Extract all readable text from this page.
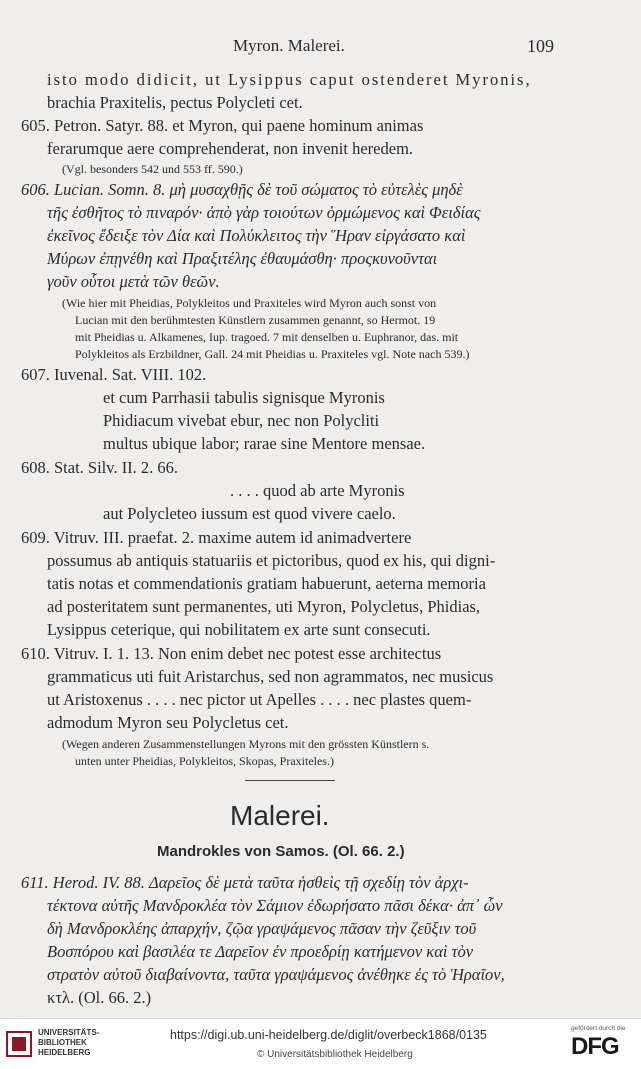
Myron. Malerei.	109
isto modo didicit, ut Lysippus caput ostenderet Myronis,
brachia Praxitelis, pectus Polycleti cet.
605. Petron. Satyr. 88. et Myron, qui paene hominum animas
ferarumque aere comprehenderat, non invenit heredem.
(Vgl. besonders 542 und 553 ff. 590.)
606. Lucian. Somn. 8. μὴ μυσαχθῇς δὲ τοῦ σώματος τὸ εὐτελὲς μηδὲ
τῆς ἐσθῆτος τὸ πιναρόν· ἀπὸ γὰρ τοιούτων ὁρμώμενος καὶ Φειδίας
ἐκεῖνος ἔδειξε τὸν Δία καὶ Πολύκλειτος τὴν Ἥραν εἰργάσατο καὶ
Μύρων ἐπῃνέθη καὶ Πραξιτέλης ἐθαυμάσθη· προςκυνοῦνται
γοῦν οὗτοι μετὰ τῶν θεῶν.
(Wie hier mit Pheidias, Polykleitos und Praxiteles wird Myron auch sonst von
Lucian mit den berühmtesten Künstlern zusammen genannt, so Hermot. 19
mit Pheidias u. Alkamenes, Iup. tragoed. 7 mit denselben u. Euphranor, das. mit
Polykleitos als Erzbildner, Gall. 24 mit Pheidias u. Praxiteles vgl. Note nach 539.)
607. Iuvenal. Sat. VIII. 102.
et cum Parrhasii tabulis signisque Myronis
Phidiacum vivebat ebur, nec non Polycliti
multus ubique labor; rarae sine Mentore mensae.
608. Stat. Silv. II. 2. 66.
. . . . quod ab arte Myronis
aut Polycleteo iussum est quod vivere caelo.
609. Vitruv. III. praefat. 2. maxime autem id animadvertere
possumus ab antiquis statuariis et pictoribus, quod ex his, qui digni-
tatis notas et commendationis gratiam habuerunt, aeterna memoria
ad posteritatem sunt permanentes, uti Myron, Polycletus, Phidias,
Lysippus ceterique, qui nobilitatem ex arte sunt consecuti.
610. Vitruv. I. 1. 13. Non enim debet nec potest esse architectus
grammaticus uti fuit Aristarchus, sed non agrammatos, nec musicus
ut Aristoxenus . . . . nec pictor ut Apelles . . . . nec plastes quem-
admodum Myron seu Polycletus cet.
(Wegen anderen Zusammenstellungen Myrons mit den grössten Künstlern s.
unten unter Pheidias, Polykleitos, Skopas, Praxiteles.)
Malerei.
Mandrokles von Samos. (Ol. 66. 2.)
611. Herod. IV. 88. Δαρεῖος δὲ μετὰ ταῦτα ἡσθεὶς τῇ σχεδίῃ τὸν ἀρχι-
τέκτονα αὐτῆς Μανδροκλέα τὸν Σάμιον ἐδωρήσατο πᾶσι δέκα· ἀπ᾽ ὧν
δὴ Μανδροκλέης ἀπαρχήν, ζῷα γραψάμενος πᾶσαν τὴν ζεῦξιν τοῦ
Βοσπόρου καὶ βασιλέα τε Δαρεῖον ἐν προεδρίῃ κατήμενον καὶ τὸν
στρατὸν αὐτοῦ διαβαίνοντα, ταῦτα γραψάμενος ἀνέθηκε ἐς τὸ Ἡραῖον,
κτλ. (Ol. 66. 2.)
UNIVERSITÄTS-
BIBLIOTHEK
HEIDELBERG
https://digi.ub.uni-heidelberg.de/diglit/overbeck1868/0135
© Universitätsbibliothek Heidelberg
gefördert durch die
DFG
